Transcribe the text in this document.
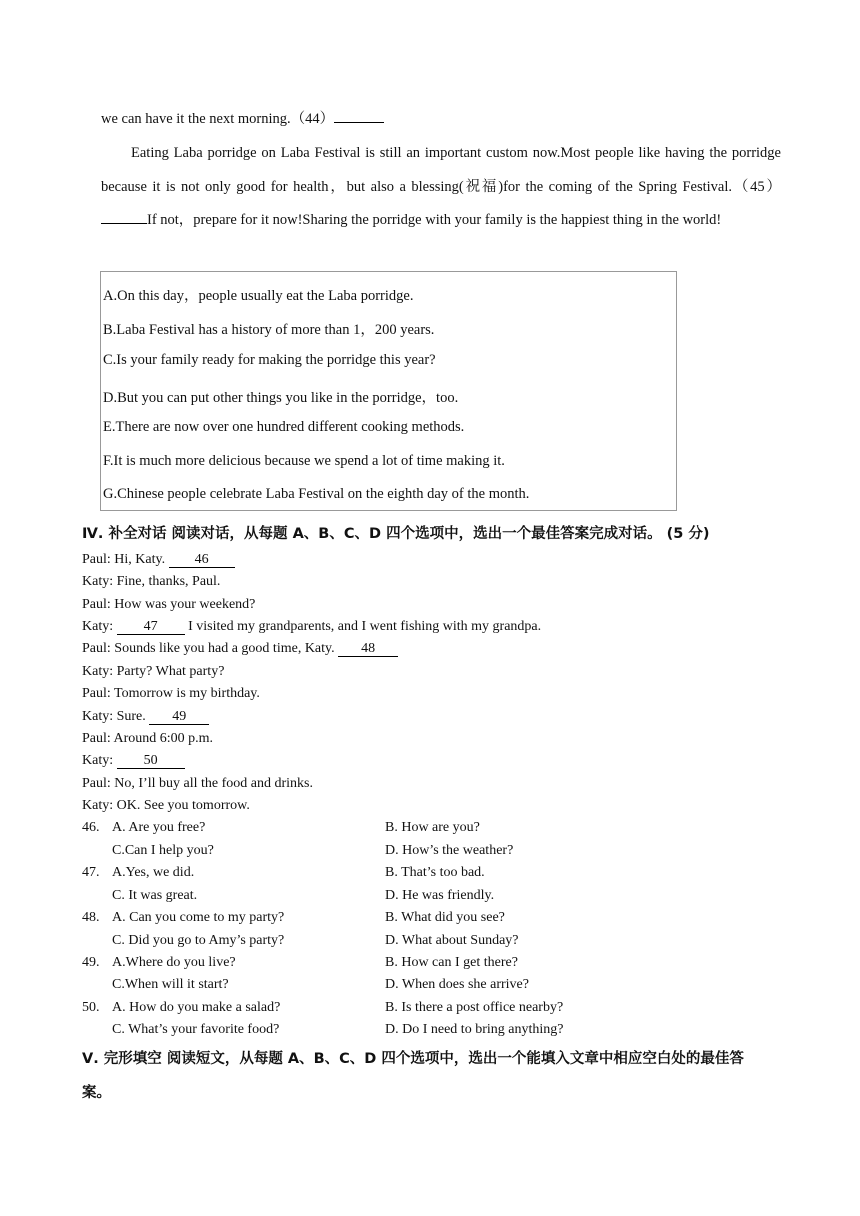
we can have it the next morning.（44）
Eating Laba porridge on Laba Festival is still an important custom now.Most people like having the porridge because it is not only good for health，but also a blessing(祝福)for the coming of the Spring Festival.（45）If not，prepare for it now!Sharing the porridge with your family is the happiest thing in the world!
A.On this day，people usually eat the Laba porridge.
B.Laba Festival has a history of more than 1，200 years.
C.Is your family ready for making the porridge this year?
D.But you can put other things you like in the porridge，too.
E.There are now over one hundred different cooking methods.
F.It is much more delicious because we spend a lot of time making it.
G.Chinese people celebrate Laba Festival on the eighth day of the month.
Ⅳ. 补全对话 阅读对话，从每题 A、B、C、D 四个选项中，选出一个最佳答案完成对话。 (5 分)
Paul: Hi, Katy. 46
Katy: Fine, thanks, Paul.
Paul: How was your weekend?
Katy: 47 I visited my grandparents, and I went fishing with my grandpa.
Paul: Sounds like you had a good time, Katy. 48
Katy: Party? What party?
Paul: Tomorrow is my birthday.
Katy: Sure. 49
Paul: Around 6:00 p.m.
Katy: 50
Paul: No, I’ll buy all the food and drinks.
Katy: OK. See you tomorrow.
46. A. Are you free?	B. How are you?
C.Can I help you?	D. How’s the weather?
47. A.Yes, we did.	B. That’s too bad.
C. It was great.	D. He was friendly.
48. A. Can you come to my party?	B. What did you see?
C. Did you go to Amy’s party?	D. What about Sunday?
49. A.Where do you live?	B. How can I get there?
C.When will it start?	D. When does she arrive?
50. A. How do you make a salad?	B. Is there a post office nearby?
C. What’s your favorite food?	D. Do I need to bring anything?
Ⅴ. 完形填空 阅读短文，从每题 A、B、C、D 四个选项中，选出一个能填入文章中相应空白处的最佳答
案。
